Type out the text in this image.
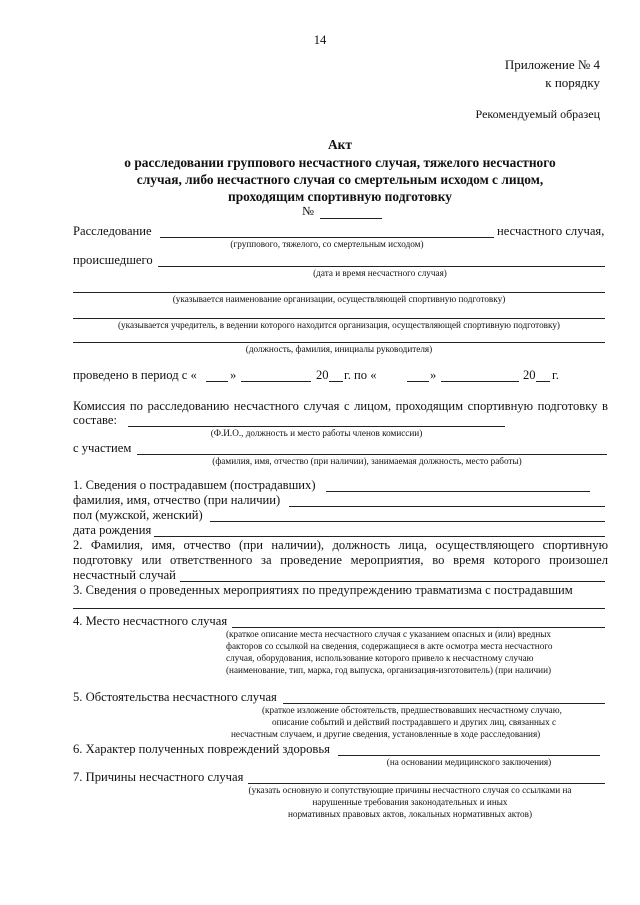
14
Приложение № 4
к порядку
Рекомендуемый образец
Акт
о расследовании группового несчастного случая, тяжелого несчастного
случая, либо несчастного случая со смертельным исходом с лицом,
проходящим спортивную подготовку
№
Расследование	несчастного случая,
(группового, тяжелого, со смертельным исходом)
происшедшего
(дата и время несчастного случая)
(указывается наименование организации, осуществляющей спортивную подготовку)
(указывается учредитель, в ведении которого находится организация, осуществляющей спортивную подготовку)
(должность, фамилия, инициалы руководителя)
проведено в период с «	»	20 г. по «	»	20 г.
Комиссия по расследованию несчастного случая с лицом, проходящим спортивную подготовку в
составе:
(Ф.И.О., должность и место работы членов комиссии)
с участием
(фамилия, имя, отчество (при наличии), занимаемая должность, место работы)
1. Сведения о пострадавшем (пострадавших)
фамилия, имя, отчество (при наличии)
пол (мужской, женский)
дата рождения
2. Фамилия, имя, отчество (при наличии), должность лица, осуществляющего спортивную
подготовку или ответственного за проведение мероприятия, во время которого произошел
несчастный случай
3. Сведения о проведенных мероприятиях по предупреждению травматизма с пострадавшим
4. Место несчастного случая
(краткое описание места несчастного случая с указанием опасных и (или) вредных
факторов со ссылкой на сведения, содержащиеся в акте осмотра места несчастного
случая, оборудования, использование которого привело к несчастному случаю
(наименование, тип, марка, год выпуска, организация-изготовитель) (при наличии)
5. Обстоятельства несчастного случая
(краткое изложение обстоятельств, предшествовавших несчастному случаю,
описание событий и действий пострадавшего и других лиц, связанных с
несчастным случаем, и другие сведения, установленные в ходе расследования)
6. Характер полученных повреждений здоровья
(на основании медицинского заключения)
7. Причины несчастного случая
(указать основную и сопутствующие причины несчастного случая со ссылками на
нарушенные требования законодательных и иных
нормативных правовых актов, локальных нормативных актов)
